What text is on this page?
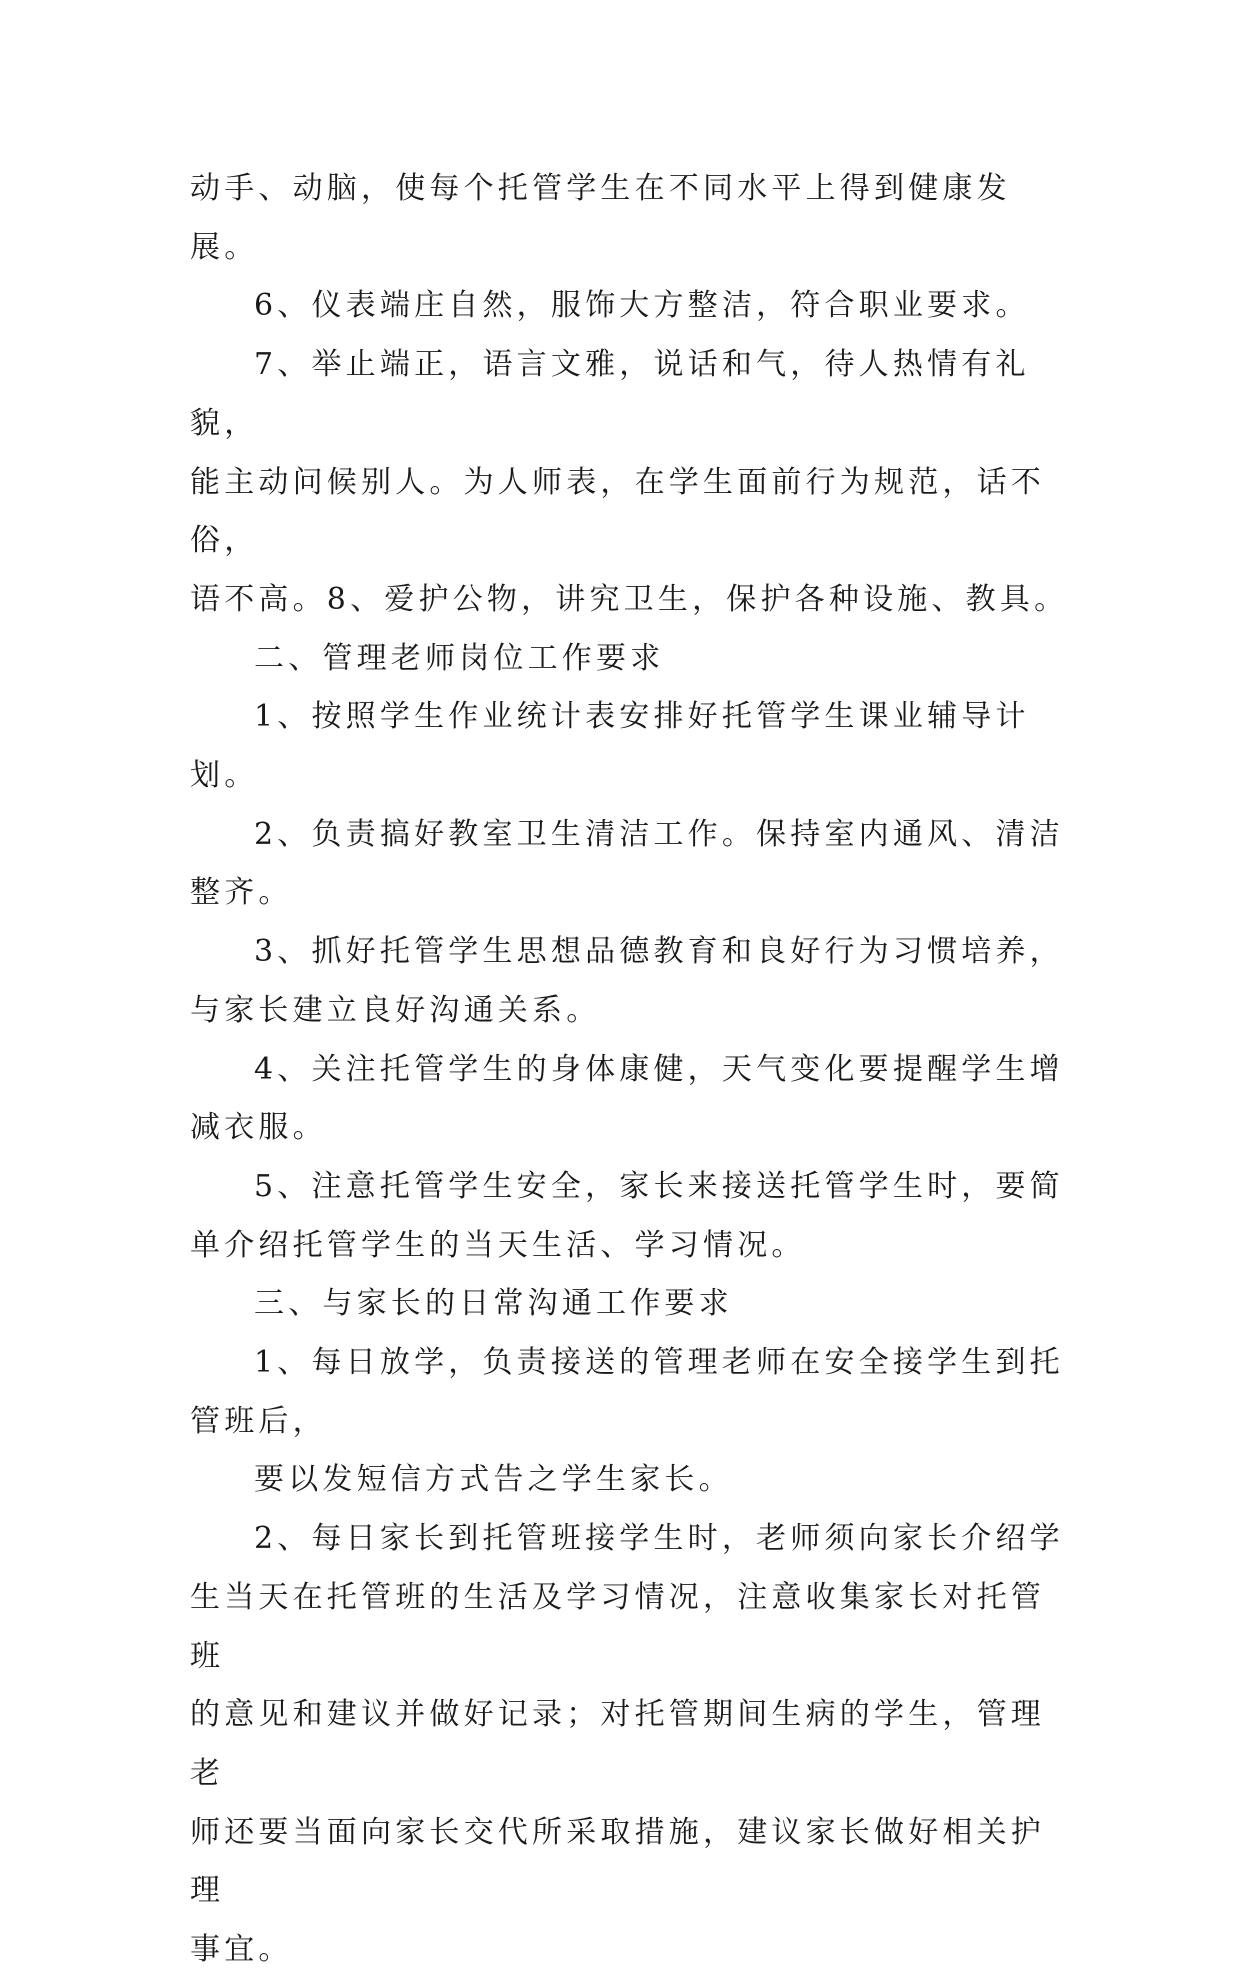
动手、动脑，使每个托管学生在不同水平上得到健康发展。

6、仪表端庄自然，服饰大方整洁，符合职业要求。

7、举止端正，语言文雅，说话和气，待人热情有礼貌，
能主动问候别人。为人师表，在学生面前行为规范，话不俗，
语不高。8、爱护公物，讲究卫生，保护各种设施、教具。

二、管理老师岗位工作要求

1、按照学生作业统计表安排好托管学生课业辅导计划。

2、负责搞好教室卫生清洁工作。保持室内通风、清洁
整齐。

3、抓好托管学生思想品德教育和良好行为习惯培养，
与家长建立良好沟通关系。

4、关注托管学生的身体康健，天气变化要提醒学生增
减衣服。

5、注意托管学生安全，家长来接送托管学生时，要简
单介绍托管学生的当天生活、学习情况。

三、与家长的日常沟通工作要求

1、每日放学，负责接送的管理老师在安全接学生到托
管班后，

要以发短信方式告之学生家长。

2、每日家长到托管班接学生时，老师须向家长介绍学
生当天在托管班的生活及学习情况，注意收集家长对托管班
的意见和建议并做好记录；对托管期间生病的学生，管理老
师还要当面向家长交代所采取措施，建议家长做好相关护理
事宜。
